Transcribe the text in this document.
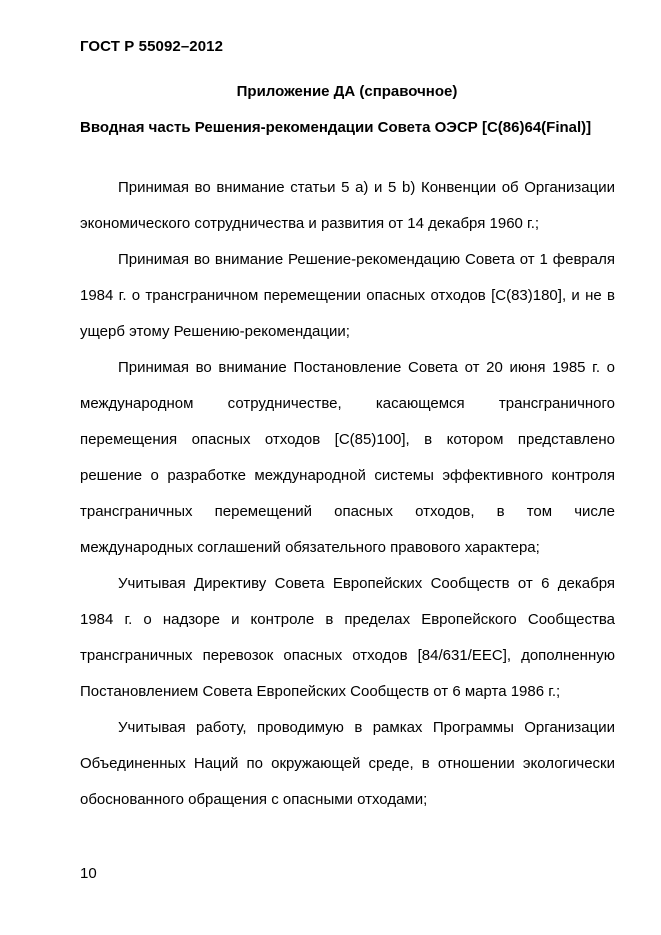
ГОСТ Р 55092–2012
Приложение ДА (справочное)
Вводная часть Решения-рекомендации Совета ОЭСР [C(86)64(Final)]

Принимая во внимание статьи 5 a) и 5 b) Конвенции об Организации экономического сотрудничества и развития от 14 декабря 1960 г.;

Принимая во внимание Решение-рекомендацию Совета от 1 февраля 1984 г. о трансграничном перемещении опасных отходов [C(83)180], и не в ущерб этому Решению-рекомендации;

Принимая во внимание Постановление Совета от 20 июня 1985 г. о международном сотрудничестве, касающемся трансграничного перемещения опасных отходов [C(85)100], в котором представлено решение о разработке международной системы эффективного контроля трансграничных перемещений опасных отходов, в том числе международных соглашений обязательного правового характера;

Учитывая Директиву Совета Европейских Сообществ от 6 декабря 1984 г. о надзоре и контроле в пределах Европейского Сообщества трансграничных перевозок опасных отходов [84/631/EEC], дополненную Постановлением Совета Европейских Сообществ от 6 марта 1986 г.;

Учитывая работу, проводимую в рамках Программы Организации Объединенных Наций по окружающей среде, в отношении экологически обоснованного обращения с опасными отходами;

10
